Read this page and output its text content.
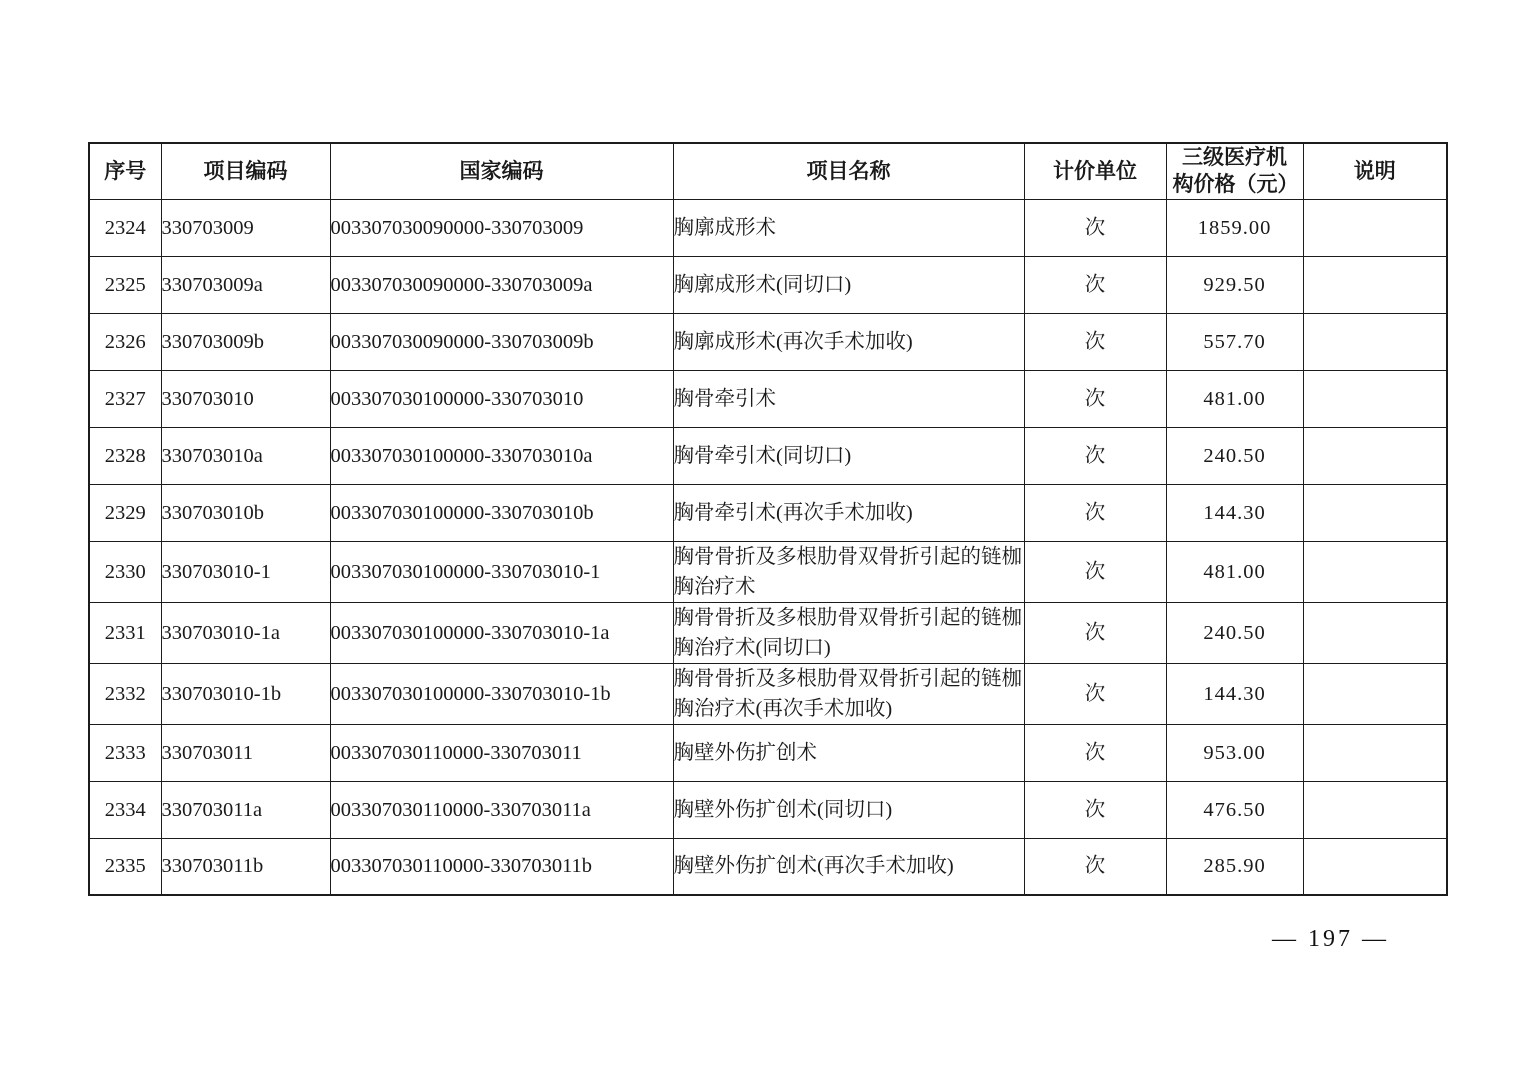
序号	项目编码	国家编码	项目名称	计价单位	三级医疗机构价格（元）	说明
2324	330703009	003307030090000-330703009	胸廓成形术	次	1859.00	
2325	330703009a	003307030090000-330703009a	胸廓成形术(同切口)	次	929.50	
2326	330703009b	003307030090000-330703009b	胸廓成形术(再次手术加收)	次	557.70	
2327	330703010	003307030100000-330703010	胸骨牵引术	次	481.00	
2328	330703010a	003307030100000-330703010a	胸骨牵引术(同切口)	次	240.50	
2329	330703010b	003307030100000-330703010b	胸骨牵引术(再次手术加收)	次	144.30	
2330	330703010-1	003307030100000-330703010-1	胸骨骨折及多根肋骨双骨折引起的链枷胸治疗术	次	481.00	
2331	330703010-1a	003307030100000-330703010-1a	胸骨骨折及多根肋骨双骨折引起的链枷胸治疗术(同切口)	次	240.50	
2332	330703010-1b	003307030100000-330703010-1b	胸骨骨折及多根肋骨双骨折引起的链枷胸治疗术(再次手术加收)	次	144.30	
2333	330703011	003307030110000-330703011	胸壁外伤扩创术	次	953.00	
2334	330703011a	003307030110000-330703011a	胸壁外伤扩创术(同切口)	次	476.50	
2335	330703011b	003307030110000-330703011b	胸壁外伤扩创术(再次手术加收)	次	285.90	
— 197 —
